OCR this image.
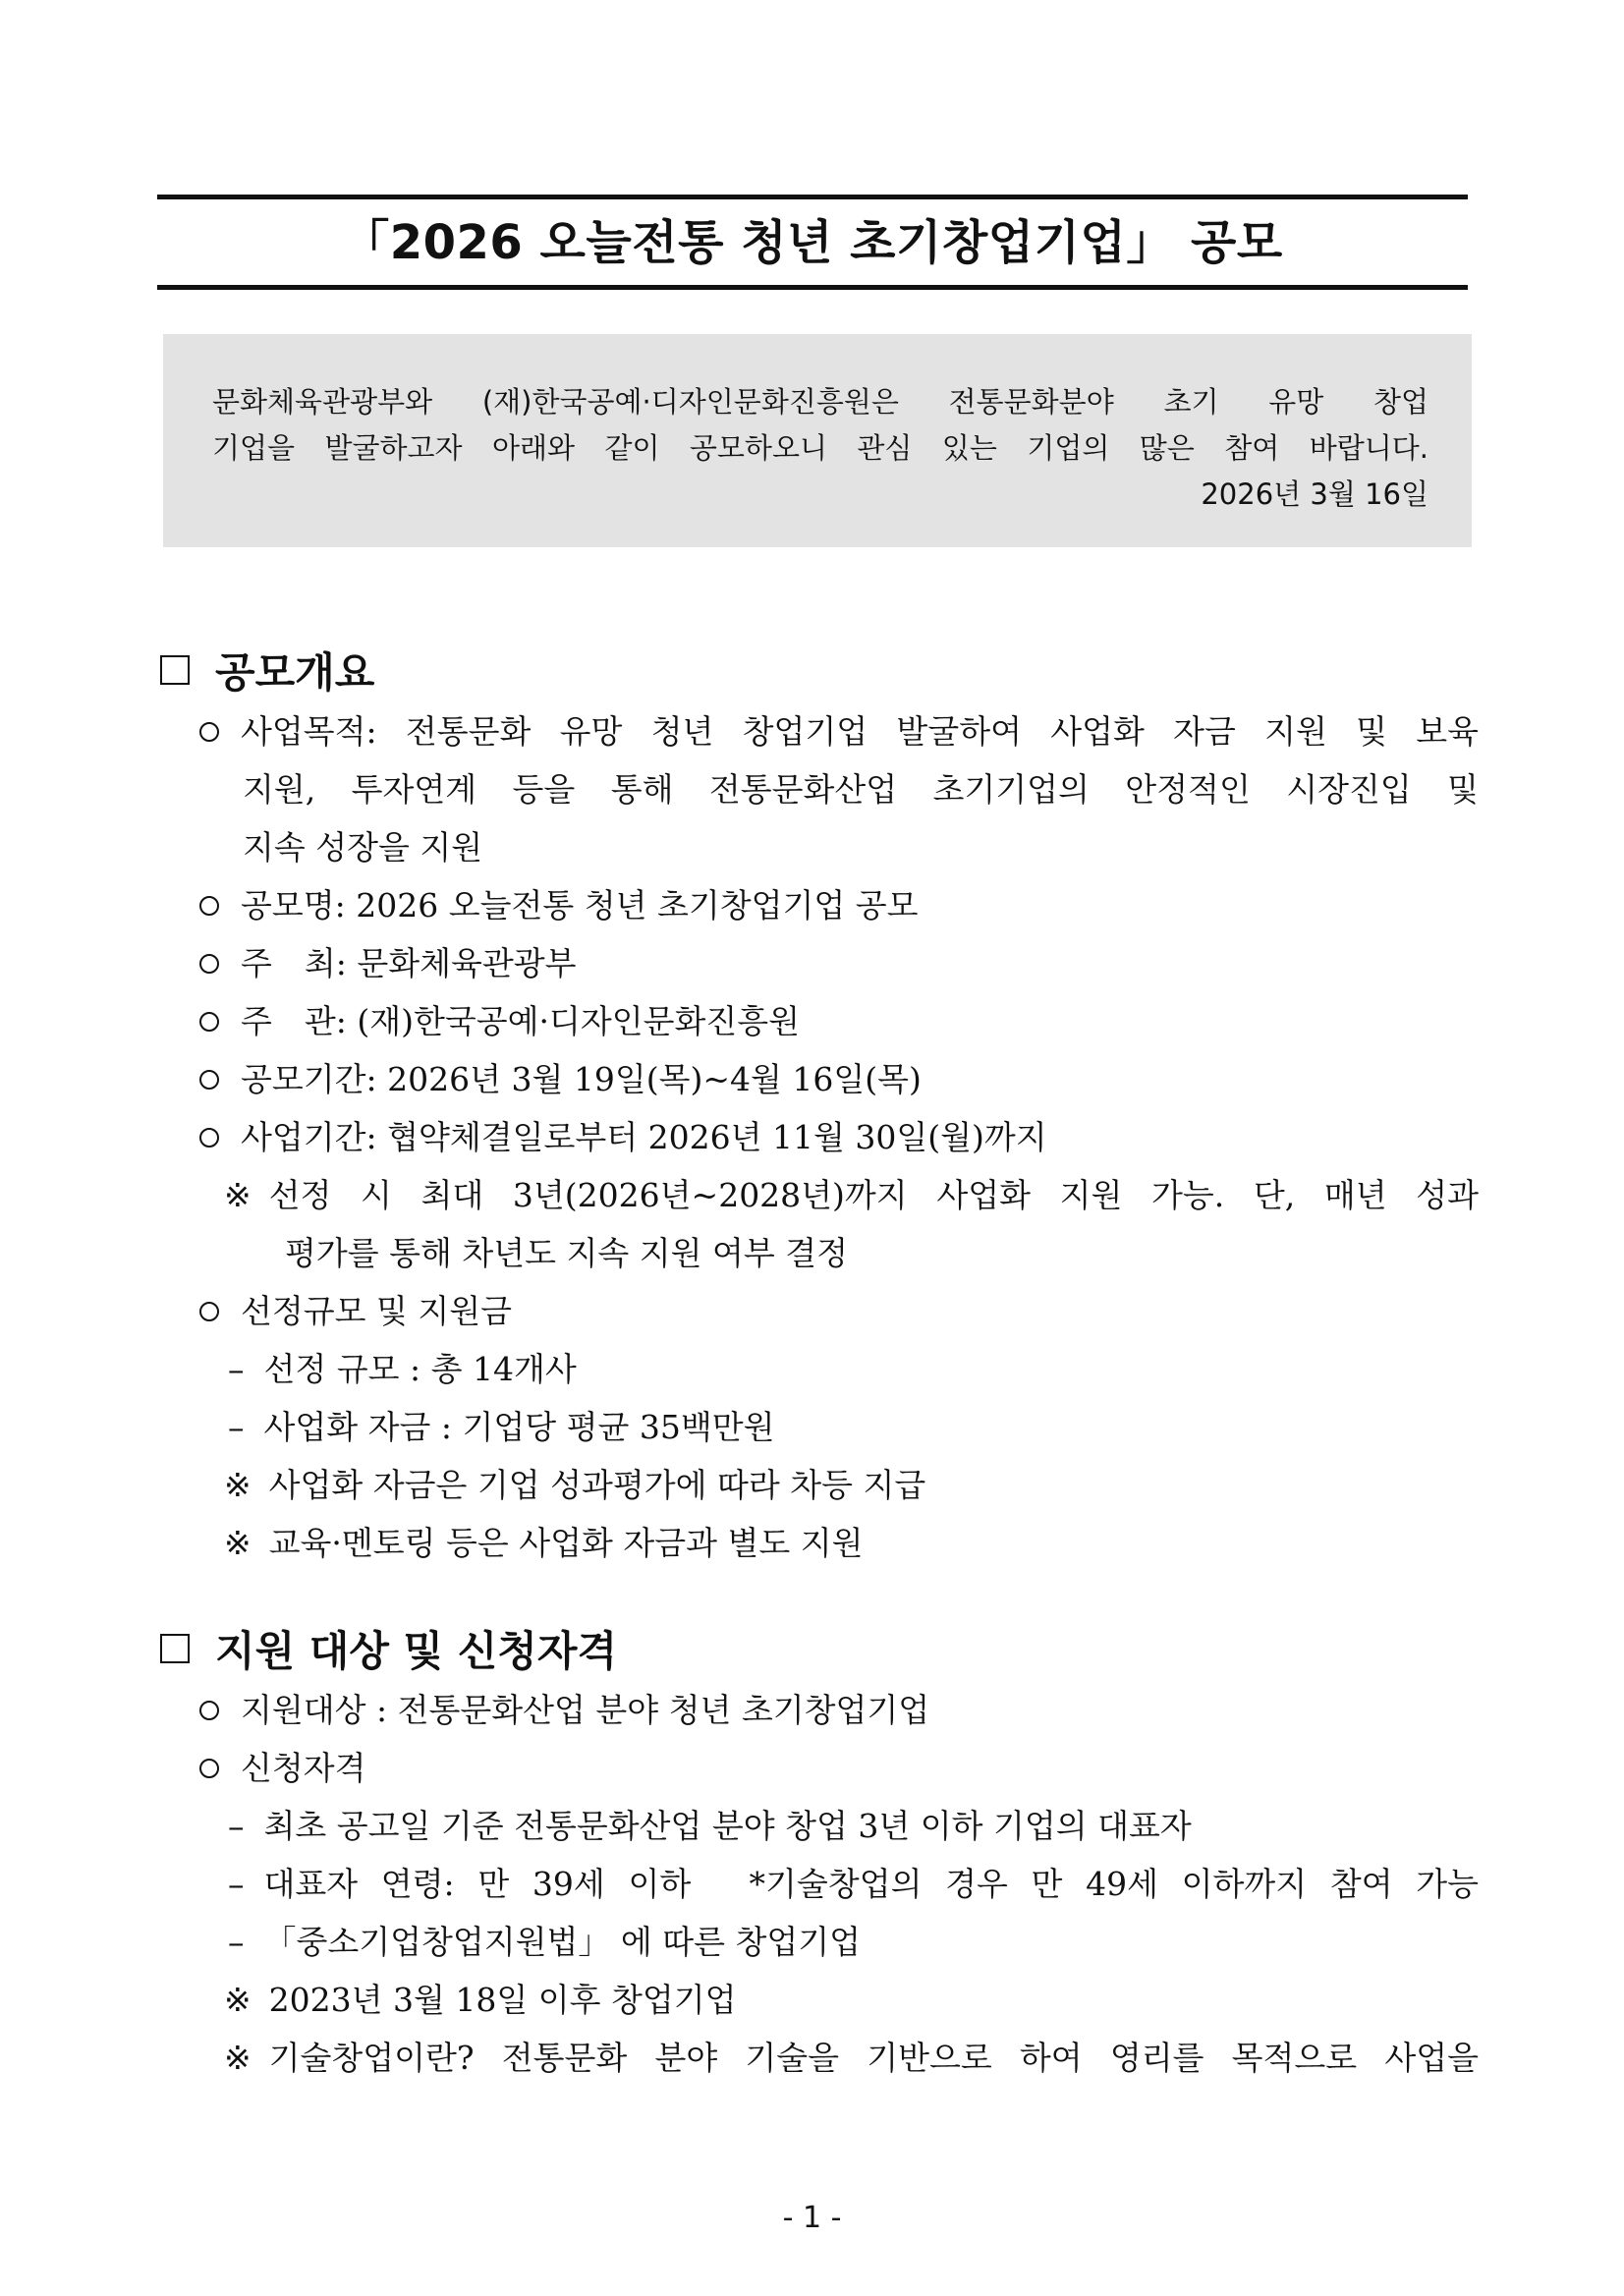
「2026 오늘전통 청년 초기창업기업」 공모

문화체육관광부와 (재)한국공예·디자인문화진흥원은 전통문화분야 초기 유망 창업

기업을 발굴하고자 아래와 같이 공모하오니 관심 있는 기업의 많은 참여 바랍니다.

2026년 3월 16일

공모개요
사업목적: 전통문화 유망 청년 창업기업 발굴하여 사업화 자금 지원 및 보육
지원, 투자연계 등을 통해 전통문화산업 초기기업의 안정적인 시장진입 및
지속 성장을 지원
공모명: 2026 오늘전통 청년 초기창업기업 공모
주　최: 문화체육관광부
주　관: (재)한국공예·디자인문화진흥원
공모기간: 2026년 3월 19일(목)~4월 16일(목)
사업기간: 협약체결일로부터 2026년 11월 30일(월)까지
※ 선정 시 최대 3년(2026년~2028년)까지 사업화 지원 가능. 단, 매년 성과
평가를 통해 차년도 지속 지원 여부 결정
선정규모 및 지원금
– 선정 규모 : 총 14개사
– 사업화 자금 : 기업당 평균 35백만원
※ 사업화 자금은 기업 성과평가에 따라 차등 지급
※ 교육·멘토링 등은 사업화 자금과 별도 지원
지원 대상 및 신청자격
지원대상 : 전통문화산업 분야 청년 초기창업기업
신청자격
– 최초 공고일 기준 전통문화산업 분야 창업 3년 이하 기업의 대표자
– 대표자 연령: 만 39세 이하　*기술창업의 경우 만 49세 이하까지 참여 가능
– 「중소기업창업지원법」 에 따른 창업기업
※ 2023년 3월 18일 이후 창업기업
※ 기술창업이란? 전통문화 분야 기술을 기반으로 하여 영리를 목적으로 사업을
- 1 -
